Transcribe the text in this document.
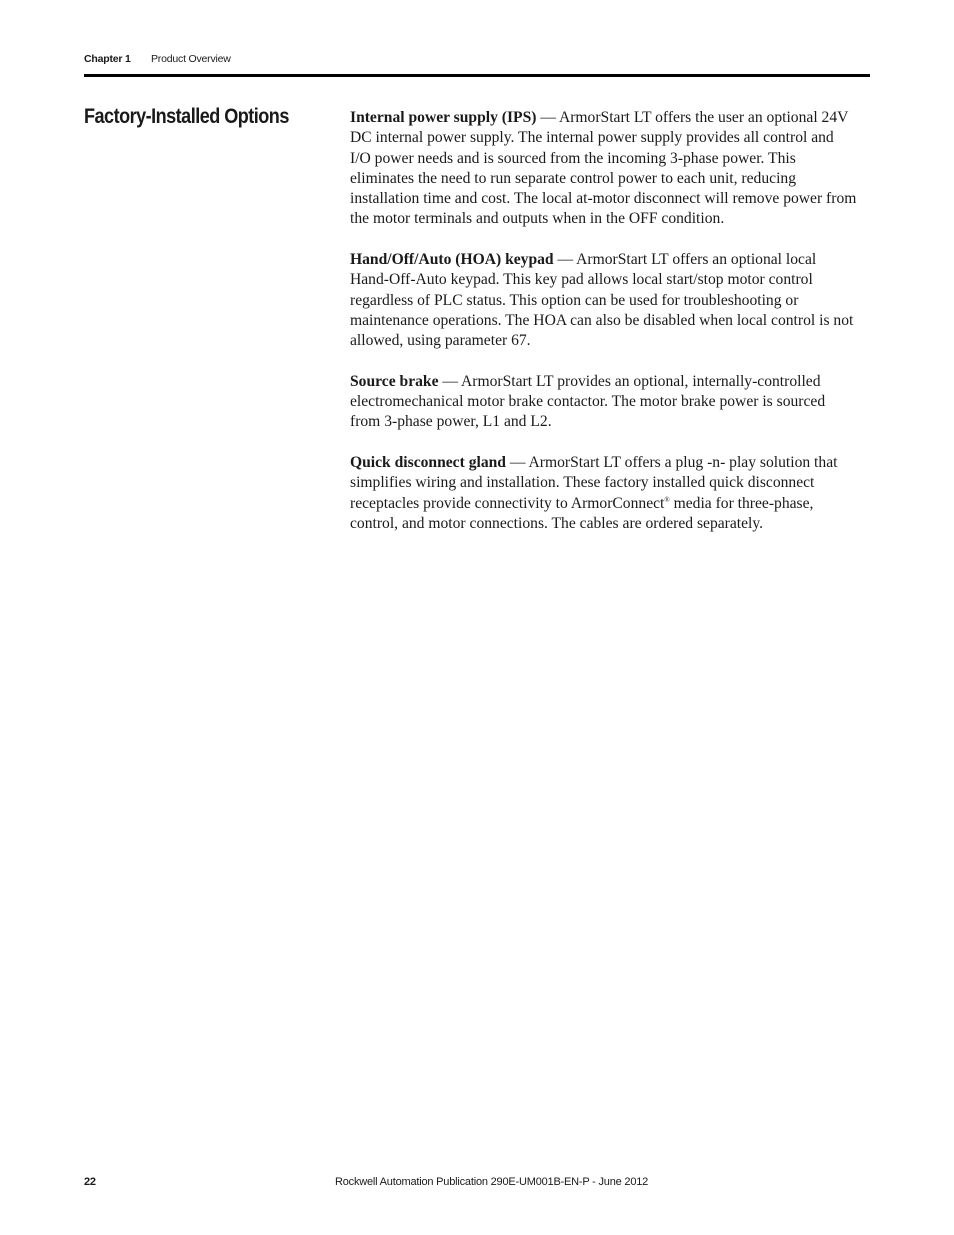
Chapter 1 Product Overview
Factory-Installed Options	Internal power supply (IPS) — ArmorStart LT offers the user an optional 24V DC internal power supply. The internal power supply provides all control and I/O power needs and is sourced from the incoming 3-phase power. This eliminates the need to run separate control power to each unit, reducing installation time and cost. The local at-motor disconnect will remove power from the motor terminals and outputs when in the OFF condition.

Hand/Off/Auto (HOA) keypad — ArmorStart LT offers an optional local Hand-Off-Auto keypad. This key pad allows local start/stop motor control regardless of PLC status. This option can be used for troubleshooting or maintenance operations. The HOA can also be disabled when local control is not allowed, using parameter 67.

Source brake — ArmorStart LT provides an optional, internally-controlled electromechanical motor brake contactor. The motor brake power is sourced from 3-phase power, L1 and L2.

Quick disconnect gland — ArmorStart LT offers a plug -n- play solution that simplifies wiring and installation. These factory installed quick disconnect receptacles provide connectivity to ArmorConnect® media for three-phase, control, and motor connections. The cables are ordered separately.

22	Rockwell Automation Publication 290E-UM001B-EN-P - June 2012
